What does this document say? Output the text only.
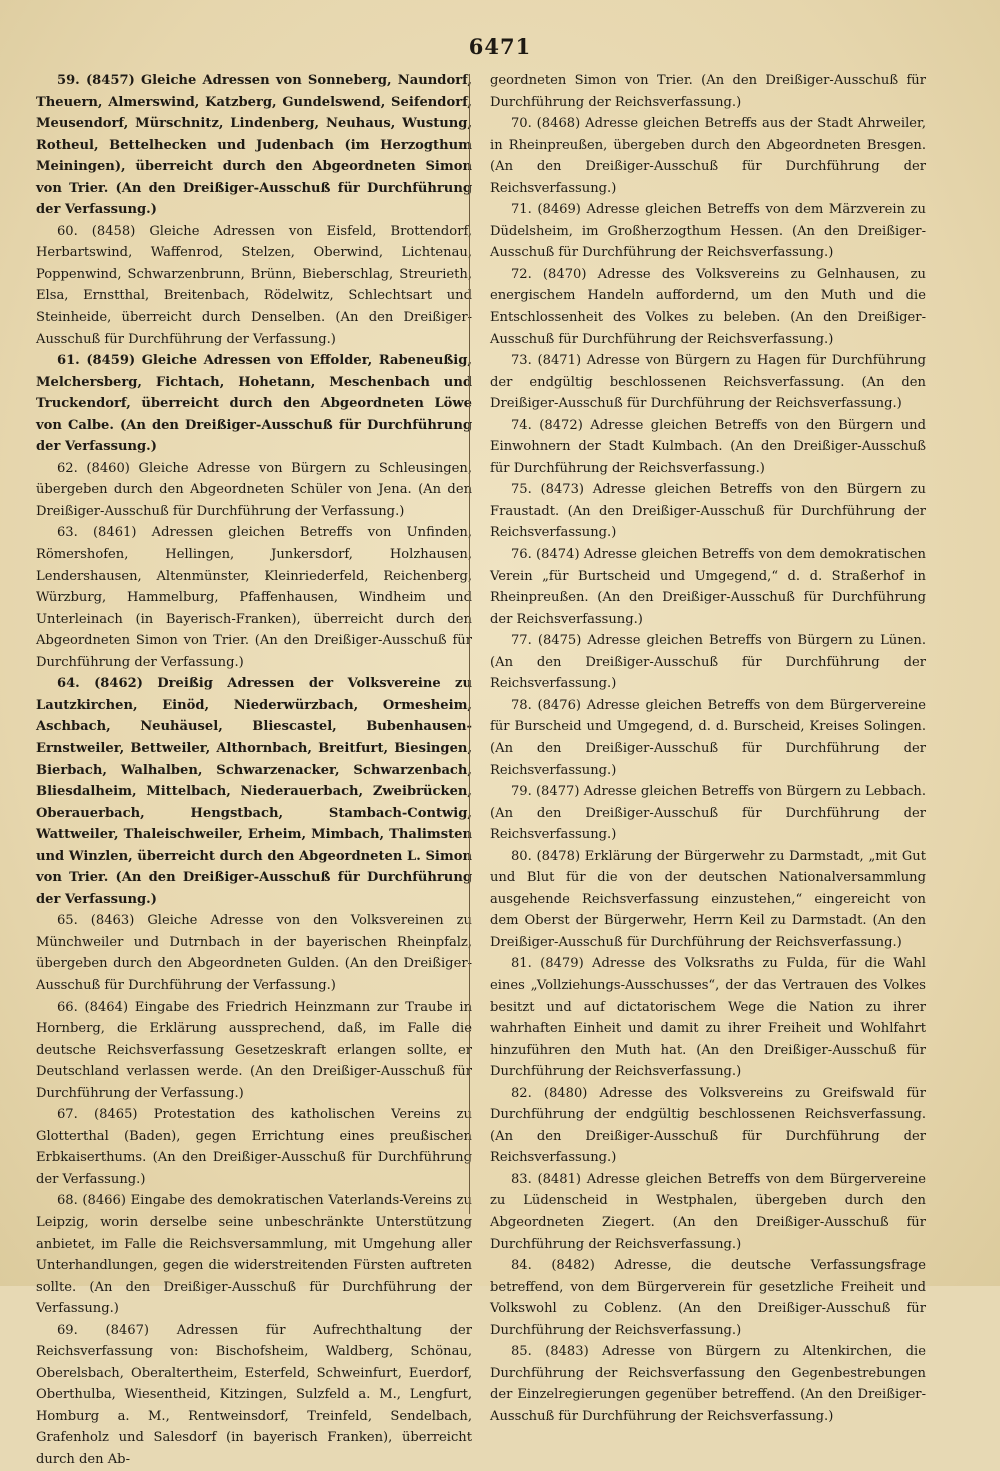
6471

59. (8457) Gleiche Adressen von Sonneberg, Naundorf, Theuern, Almerswind, Katzberg, Gundelswend, Seifendorf, Meusendorf, Mürschnitz, Lindenberg, Neuhaus, Wustung, Rotheul, Bettelhecken und Judenbach (im Herzogthum Meiningen), überreicht durch den Abgeordneten Simon von Trier. (An den Dreißiger-Ausschuß für Durchführung der Verfassung.)

60. (8458) Gleiche Adressen von Eisfeld, Brottendorf, Herbartswind, Waffenrod, Stelzen, Oberwind, Lichtenau, Poppenwind, Schwarzenbrunn, Brünn, Bieberschlag, Streurieth, Elsa, Ernstthal, Breitenbach, Rödelwitz, Schlechtsart und Steinheide, überreicht durch Denselben. (An den Dreißiger-Ausschuß für Durchführung der Verfassung.)

61. (8459) Gleiche Adressen von Effolder, Rabeneußig, Melchersberg, Fichtach, Hohetann, Meschenbach und Truckendorf, überreicht durch den Abgeordneten Löwe von Calbe. (An den Dreißiger-Ausschuß für Durchführung der Verfassung.)

62. (8460) Gleiche Adresse von Bürgern zu Schleusingen, übergeben durch den Abgeordneten Schüler von Jena. (An den Dreißiger-Ausschuß für Durchführung der Verfassung.)

63. (8461) Adressen gleichen Betreffs von Unfinden, Römershofen, Hellingen, Junkersdorf, Holzhausen, Lendershausen, Altenmünster, Kleinriederfeld, Reichenberg, Würzburg, Hammelburg, Pfaffenhausen, Windheim und Unterleinach (in Bayerisch-Franken), überreicht durch den Abgeordneten Simon von Trier. (An den Dreißiger-Ausschuß für Durchführung der Verfassung.)

64. (8462) Dreißig Adressen der Volksvereine zu Lautzkirchen, Einöd, Niederwürzbach, Ormesheim, Aschbach, Neuhäusel, Bliescastel, Bubenhausen-Ernstweiler, Bettweiler, Althornbach, Breitfurt, Biesingen, Bierbach, Walhalben, Schwarzenacker, Schwarzenbach, Bliesdalheim, Mittelbach, Niederauerbach, Zweibrücken, Oberauerbach, Hengstbach, Stambach-Contwig, Wattweiler, Thaleischweiler, Erheim, Mimbach, Thalimsten und Winzlen, überreicht durch den Abgeordneten L. Simon von Trier. (An den Dreißiger-Ausschuß für Durchführung der Verfassung.)

65. (8463) Gleiche Adresse von den Volksvereinen zu Münchweiler und Dutrnbach in der bayerischen Rheinpfalz, übergeben durch den Abgeordneten Gulden. (An den Dreißiger-Ausschuß für Durchführung der Verfassung.)

66. (8464) Eingabe des Friedrich Heinzmann zur Traube in Hornberg, die Erklärung aussprechend, daß, im Falle die deutsche Reichsverfassung Gesetzeskraft erlangen sollte, er Deutschland verlassen werde. (An den Dreißiger-Ausschuß für Durchführung der Verfassung.)

67. (8465) Protestation des katholischen Vereins zu Glotterthal (Baden), gegen Errichtung eines preußischen Erbkaiserthums. (An den Dreißiger-Ausschuß für Durchführung der Verfassung.)

68. (8466) Eingabe des demokratischen Vaterlands-Vereins zu Leipzig, worin derselbe seine unbeschränkte Unterstützung anbietet, im Falle die Reichsversammlung, mit Umgehung aller Unterhandlungen, gegen die widerstreitenden Fürsten auftreten sollte. (An den Dreißiger-Ausschuß für Durchführung der Verfassung.)

69. (8467) Adressen für Aufrechthaltung der Reichsverfassung von: Bischofsheim, Waldberg, Schönau, Oberelsbach, Oberaltertheim, Esterfeld, Schweinfurt, Euerdorf, Oberthulba, Wiesentheid, Kitzingen, Sulzfeld a. M., Lengfurt, Homburg a. M., Rentweinsdorf, Treinfeld, Sendelbach, Grafenholz und Salesdorf (in bayerisch Franken), überreicht durch den Ab-

geordneten Simon von Trier. (An den Dreißiger-Ausschuß für Durchführung der Reichsverfassung.)

70. (8468) Adresse gleichen Betreffs aus der Stadt Ahrweiler, in Rheinpreußen, übergeben durch den Abgeordneten Bresgen. (An den Dreißiger-Ausschuß für Durchführung der Reichsverfassung.)

71. (8469) Adresse gleichen Betreffs von dem Märzverein zu Düdelsheim, im Großherzogthum Hessen. (An den Dreißiger-Ausschuß für Durchführung der Reichsverfassung.)

72. (8470) Adresse des Volksvereins zu Gelnhausen, zu energischem Handeln auffordernd, um den Muth und die Entschlossenheit des Volkes zu beleben. (An den Dreißiger-Ausschuß für Durchführung der Reichsverfassung.)

73. (8471) Adresse von Bürgern zu Hagen für Durchführung der endgültig beschlossenen Reichsverfassung. (An den Dreißiger-Ausschuß für Durchführung der Reichsverfassung.)

74. (8472) Adresse gleichen Betreffs von den Bürgern und Einwohnern der Stadt Kulmbach. (An den Dreißiger-Ausschuß für Durchführung der Reichsverfassung.)

75. (8473) Adresse gleichen Betreffs von den Bürgern zu Fraustadt. (An den Dreißiger-Ausschuß für Durchführung der Reichsverfassung.)

76. (8474) Adresse gleichen Betreffs von dem demokratischen Verein „für Burtscheid und Umgegend,“ d. d. Straßerhof in Rheinpreußen. (An den Dreißiger-Ausschuß für Durchführung der Reichsverfassung.)

77. (8475) Adresse gleichen Betreffs von Bürgern zu Lünen. (An den Dreißiger-Ausschuß für Durchführung der Reichsverfassung.)

78. (8476) Adresse gleichen Betreffs von dem Bürgervereine für Burscheid und Umgegend, d. d. Burscheid, Kreises Solingen. (An den Dreißiger-Ausschuß für Durchführung der Reichsverfassung.)

79. (8477) Adresse gleichen Betreffs von Bürgern zu Lebbach. (An den Dreißiger-Ausschuß für Durchführung der Reichsverfassung.)

80. (8478) Erklärung der Bürgerwehr zu Darmstadt, „mit Gut und Blut für die von der deutschen Nationalversammlung ausgehende Reichsverfassung einzustehen,“ eingereicht von dem Oberst der Bürgerwehr, Herrn Keil zu Darmstadt. (An den Dreißiger-Ausschuß für Durchführung der Reichsverfassung.)

81. (8479) Adresse des Volksraths zu Fulda, für die Wahl eines „Vollziehungs-Ausschusses“, der das Vertrauen des Volkes besitzt und auf dictatorischem Wege die Nation zu ihrer wahrhaften Einheit und damit zu ihrer Freiheit und Wohlfahrt hinzuführen den Muth hat. (An den Dreißiger-Ausschuß für Durchführung der Reichsverfassung.)

82. (8480) Adresse des Volksvereins zu Greifswald für Durchführung der endgültig beschlossenen Reichsverfassung. (An den Dreißiger-Ausschuß für Durchführung der Reichsverfassung.)

83. (8481) Adresse gleichen Betreffs von dem Bürgervereine zu Lüdenscheid in Westphalen, übergeben durch den Abgeordneten Ziegert. (An den Dreißiger-Ausschuß für Durchführung der Reichsverfassung.)

84. (8482) Adresse, die deutsche Verfassungsfrage betreffend, von dem Bürgerverein für gesetzliche Freiheit und Volkswohl zu Coblenz. (An den Dreißiger-Ausschuß für Durchführung der Reichsverfassung.)

85. (8483) Adresse von Bürgern zu Altenkirchen, die Durchführung der Reichsverfassung den Gegenbestrebungen der Einzelregierungen gegenüber betreffend. (An den Dreißiger-Ausschuß für Durchführung der Reichsverfassung.)
